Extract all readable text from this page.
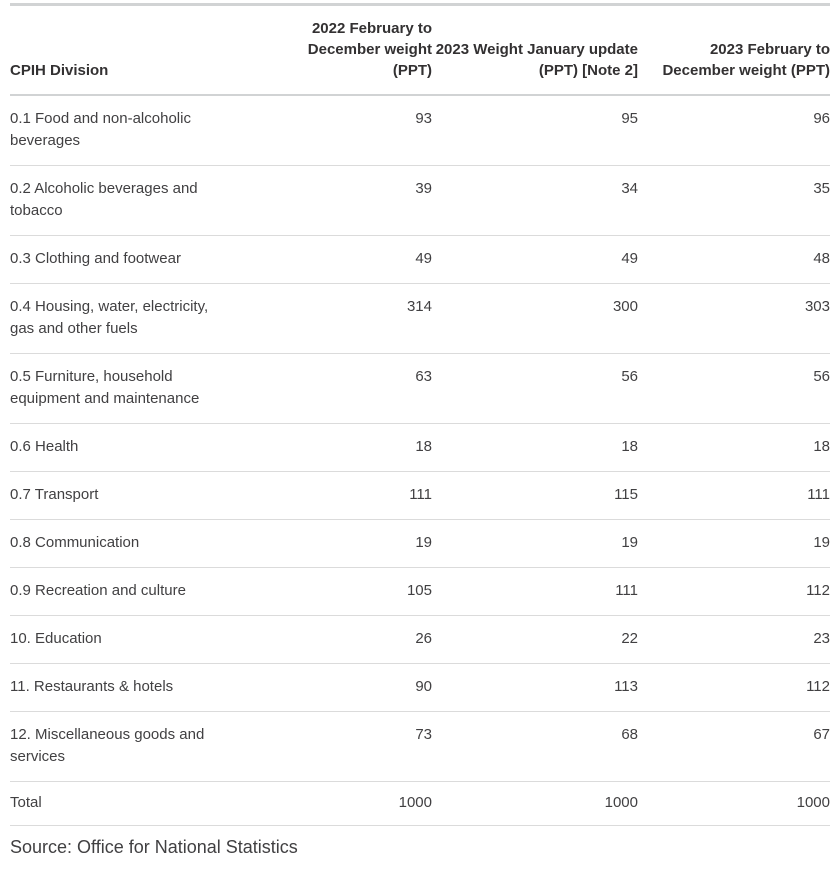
CPIH Division	2022 February to December weight (PPT)	2023 Weight January update (PPT) [Note 2]	2023 February to December weight (PPT)
0.1 Food and non-alcoholic beverages	93	95	96
0.2 Alcoholic beverages and tobacco	39	34	35
0.3 Clothing and footwear	49	49	48
0.4 Housing, water, electricity, gas and other fuels	314	300	303
0.5 Furniture, household equipment and maintenance	63	56	56
0.6 Health	18	18	18
0.7 Transport	111	115	111
0.8 Communication	19	19	19
0.9 Recreation and culture	105	111	112
10. Education	26	22	23
11. Restaurants & hotels	90	113	112
12. Miscellaneous goods and services	73	68	67
Total	1000	1000	1000
Source: Office for National Statistics
